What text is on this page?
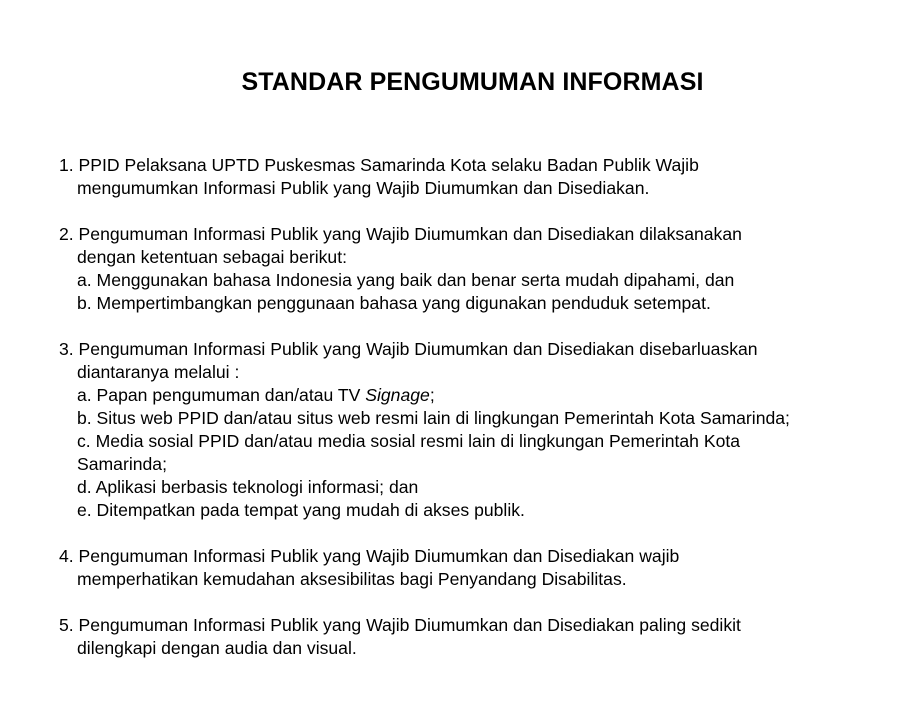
STANDAR PENGUMUMAN INFORMASI
1. PPID Pelaksana UPTD Puskesmas Samarinda Kota selaku Badan Publik Wajib
mengumumkan Informasi Publik yang Wajib Diumumkan dan Disediakan.
2. Pengumuman Informasi Publik yang Wajib Diumumkan dan Disediakan dilaksanakan
dengan ketentuan sebagai berikut:
a. Menggunakan bahasa Indonesia yang baik dan benar serta mudah dipahami, dan
b. Mempertimbangkan penggunaan bahasa yang digunakan penduduk setempat.
3. Pengumuman Informasi Publik yang Wajib Diumumkan dan Disediakan disebarluaskan
diantaranya melalui :
a. Papan pengumuman dan/atau TV Signage;
b. Situs web PPID dan/atau situs web resmi lain di lingkungan Pemerintah Kota Samarinda;
c. Media sosial PPID dan/atau media sosial resmi lain di lingkungan Pemerintah Kota
Samarinda;
d. Aplikasi berbasis teknologi informasi; dan
e. Ditempatkan pada tempat yang mudah di akses publik.
4. Pengumuman Informasi Publik yang Wajib Diumumkan dan Disediakan wajib
memperhatikan kemudahan aksesibilitas bagi Penyandang Disabilitas.
5. Pengumuman Informasi Publik yang Wajib Diumumkan dan Disediakan paling sedikit
dilengkapi dengan audia dan visual.
